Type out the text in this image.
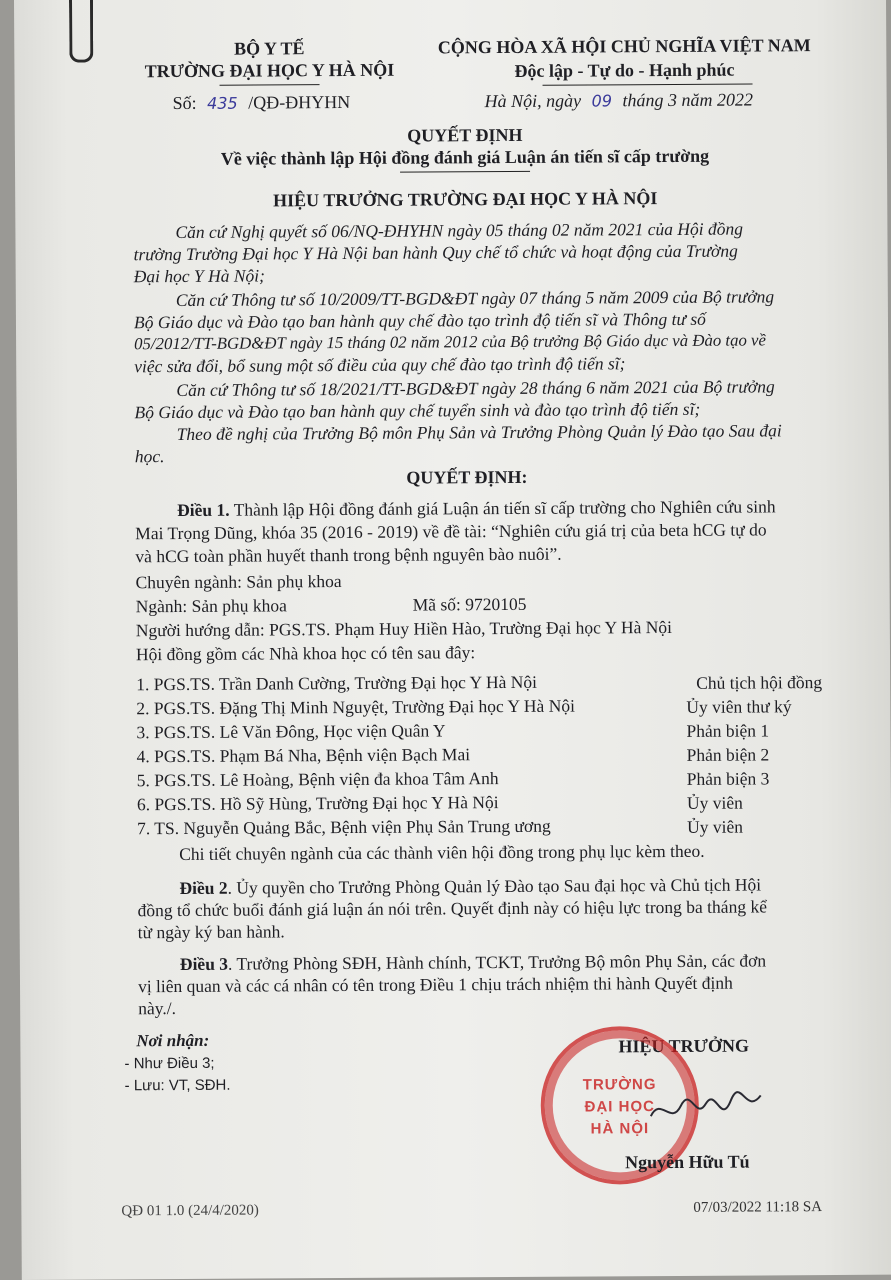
BỘ Y TẾ
TRƯỜNG ĐẠI HỌC Y HÀ NỘI
Số: 435 /QĐ-ĐHYHN
CỘNG HÒA XÃ HỘI CHỦ NGHĨA VIỆT NAM
Độc lập - Tự do - Hạnh phúc
Hà Nội, ngày 09 tháng 3 năm 2022
QUYẾT ĐỊNH
Về việc thành lập Hội đồng đánh giá Luận án tiến sĩ cấp trường
HIỆU TRƯỞNG TRƯỜNG ĐẠI HỌC Y HÀ NỘI
Căn cứ Nghị quyết số 06/NQ-ĐHYHN ngày 05 tháng 02 năm 2021 của Hội đồng
trường Trường Đại học Y Hà Nội ban hành Quy chế tổ chức và hoạt động của Trường
Đại học Y Hà Nội;
Căn cứ Thông tư số 10/2009/TT-BGD&ĐT ngày 07 tháng 5 năm 2009 của Bộ trưởng
Bộ Giáo dục và Đào tạo ban hành quy chế đào tạo trình độ tiến sĩ và Thông tư số
05/2012/TT-BGD&ĐT ngày 15 tháng 02 năm 2012 của Bộ trưởng Bộ Giáo dục và Đào tạo về
việc sửa đổi, bổ sung một số điều của quy chế đào tạo trình độ tiến sĩ;
Căn cứ Thông tư số 18/2021/TT-BGD&ĐT ngày 28 tháng 6 năm 2021 của Bộ trưởng
Bộ Giáo dục và Đào tạo ban hành quy chế tuyển sinh và đào tạo trình độ tiến sĩ;
Theo đề nghị của Trưởng Bộ môn Phụ Sản và Trưởng Phòng Quản lý Đào tạo Sau đại
học.
QUYẾT ĐỊNH:
Điều 1. Thành lập Hội đồng đánh giá Luận án tiến sĩ cấp trường cho Nghiên cứu sinh
Mai Trọng Dũng, khóa 35 (2016 - 2019) về đề tài: “Nghiên cứu giá trị của beta hCG tự do
và hCG toàn phần huyết thanh trong bệnh nguyên bào nuôi”.
Chuyên ngành: Sản phụ khoa
Ngành: Sản phụ khoa	Mã số: 9720105
Người hướng dẫn: PGS.TS. Phạm Huy Hiền Hào, Trường Đại học Y Hà Nội
Hội đồng gồm các Nhà khoa học có tên sau đây:
1. PGS.TS. Trần Danh Cường, Trường Đại học Y Hà Nội	Chủ tịch hội đồng
2. PGS.TS. Đặng Thị Minh Nguyệt, Trường Đại học Y Hà Nội	Ủy viên thư ký
3. PGS.TS. Lê Văn Đông, Học viện Quân Y	Phản biện 1
4. PGS.TS. Phạm Bá Nha, Bệnh viện Bạch Mai	Phản biện 2
5. PGS.TS. Lê Hoàng, Bệnh viện đa khoa Tâm Anh	Phản biện 3
6. PGS.TS. Hồ Sỹ Hùng, Trường Đại học Y Hà Nội	Ủy viên
7. TS. Nguyễn Quảng Bắc, Bệnh viện Phụ Sản Trung ương	Ủy viên
Chi tiết chuyên ngành của các thành viên hội đồng trong phụ lục kèm theo.
Điều 2. Ủy quyền cho Trưởng Phòng Quản lý Đào tạo Sau đại học và Chủ tịch Hội
đồng tổ chức buổi đánh giá luận án nói trên. Quyết định này có hiệu lực trong ba tháng kể
từ ngày ký ban hành.
Điều 3. Trưởng Phòng SĐH, Hành chính, TCKT, Trưởng Bộ môn Phụ Sản, các đơn
vị liên quan và các cá nhân có tên trong Điều 1 chịu trách nhiệm thi hành Quyết định
này./.
Nơi nhận:
- Như Điều 3;
- Lưu: VT, SĐH.
HIỆU TRƯỞNG
TRƯỜNG
ĐẠI HỌC
HÀ NỘI
Nguyễn Hữu Tú
QĐ 01 1.0 (24/4/2020)	07/03/2022 11:18 SA
